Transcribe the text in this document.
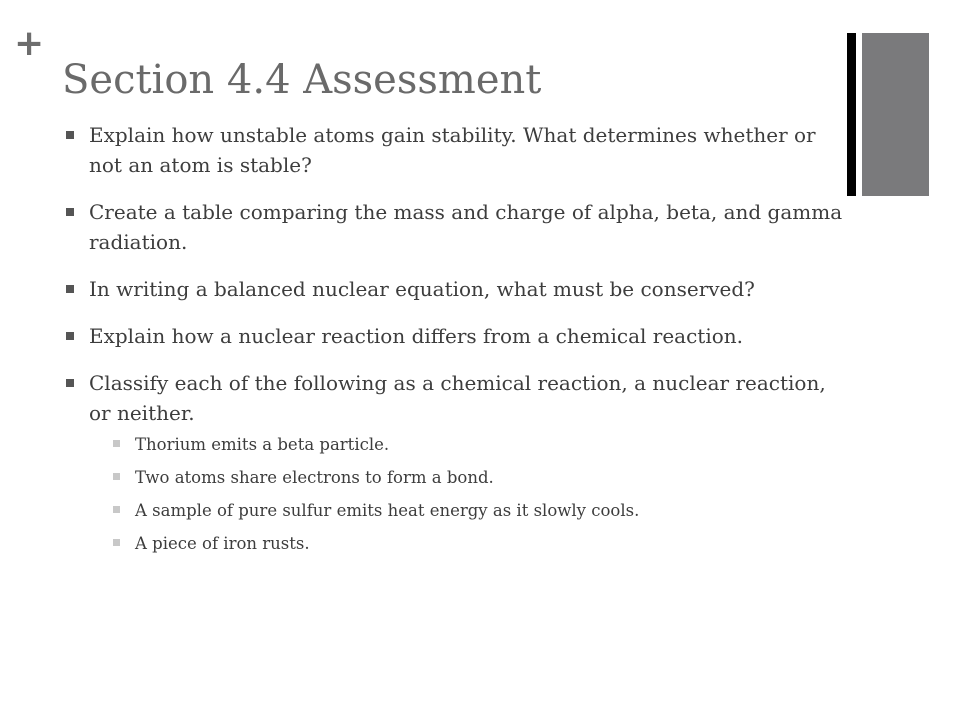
+
Section 4.4 Assessment
Explain how unstable atoms gain stability. What determines whether or not an atom is stable?
Create a table comparing the mass and charge of alpha, beta, and gamma radiation.
In writing a balanced nuclear equation, what must be conserved?
Explain how a nuclear reaction differs from a chemical reaction.
Classify each of the following as a chemical reaction, a nuclear reaction, or neither.
Thorium emits a beta particle.
Two atoms share electrons to form a bond.
A sample of pure sulfur emits heat energy as it slowly cools.
A piece of iron rusts.
